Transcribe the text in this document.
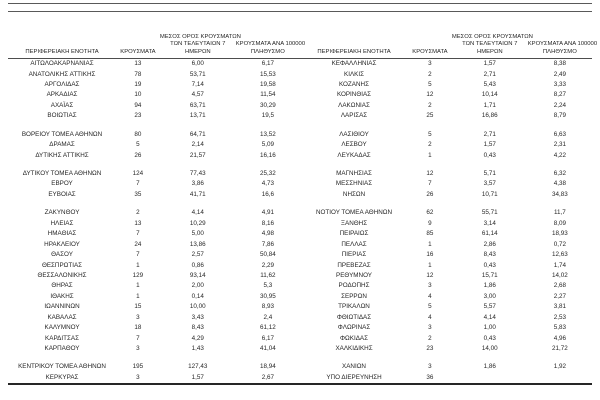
ΠΕΡΙΦΕΡΕΙΑΚΗ ΕΝΟΤΗΤΑ	ΚΡΟΥΣΜΑΤΑ
ΜΕΣΟΣ ΟΡΟΣ ΚΡΟΥΣΜΑΤΩΝ
ΤΩΝ ΤΕΛΕΥΤΑΙΩΝ 7
ΗΜΕΡΩΝ
ΚΡΟΥΣΜΑΤΑ ΑΝΑ 100000
ΠΛΗΘΥΣΜΟ
ΑΙΤΩΛΟΑΚΑΡΝΑΝΙΑΣ	13	6,00	6,17
ΑΝΑΤΟΛΙΚΗΣ ΑΤΤΙΚΗΣ	78	53,71	15,53
ΑΡΓΟΛΙΔΑΣ	19	7,14	19,58
ΑΡΚΑΔΙΑΣ	10	4,57	11,54
ΑΧΑΪΑΣ	94	63,71	30,29
ΒΟΙΩΤΙΑΣ	23	13,71	19,5
ΒΟΡΕΙΟΥ ΤΟΜΕΑ ΑΘΗΝΩΝ	80	64,71	13,52
ΔΡΑΜΑΣ	5	2,14	5,09
ΔΥΤΙΚΗΣ ΑΤΤΙΚΗΣ	26	21,57	16,16
ΔΥΤΙΚΟΥ ΤΟΜΕΑ ΑΘΗΝΩΝ	124	77,43	25,32
ΕΒΡΟΥ	7	3,86	4,73
ΕΥΒΟΙΑΣ	35	41,71	16,6
ΖΑΚΥΝΘΟΥ	2	4,14	4,91
ΗΛΕΙΑΣ	13	10,29	8,16
ΗΜΑΘΙΑΣ	7	5,00	4,98
ΗΡΑΚΛΕΙΟΥ	24	13,86	7,86
ΘΑΣΟΥ	7	2,57	50,84
ΘΕΣΠΡΩΤΙΑΣ	1	0,86	2,29
ΘΕΣΣΑΛΟΝΙΚΗΣ	129	93,14	11,62
ΘΗΡΑΣ	1	2,00	5,3
ΙΘΑΚΗΣ	1	0,14	30,95
ΙΩΑΝΝΙΝΩΝ	15	10,00	8,93
ΚΑΒΑΛΑΣ	3	3,43	2,4
ΚΑΛΥΜΝΟΥ	18	8,43	61,12
ΚΑΡΔΙΤΣΑΣ	7	4,29	6,17
ΚΑΡΠΑΘΟΥ	3	1,43	41,04
ΚΕΝΤΡΙΚΟΥ ΤΟΜΕΑ ΑΘΗΝΩΝ	195	127,43	18,94
ΚΕΡΚΥΡΑΣ	3	1,57	2,67
ΠΕΡΙΦΕΡΕΙΑΚΗ ΕΝΟΤΗΤΑ	ΚΡΟΥΣΜΑΤΑ
ΜΕΣΟΣ ΟΡΟΣ ΚΡΟΥΣΜΑΤΩΝ
ΤΩΝ ΤΕΛΕΥΤΑΙΩΝ 7
ΗΜΕΡΩΝ
ΚΡΟΥΣΜΑΤΑ ΑΝΑ 100000
ΠΛΗΘΥΣΜΟ
ΚΕΦΑΛΛΗΝΙΑΣ	3	1,57	8,38
ΚΙΛΚΙΣ	2	2,71	2,49
ΚΟΖΑΝΗΣ	5	5,43	3,33
ΚΟΡΙΝΘΙΑΣ	12	10,14	8,27
ΛΑΚΩΝΙΑΣ	2	1,71	2,24
ΛΑΡΙΣΑΣ	25	16,86	8,79
ΛΑΣΙΘΙΟΥ	5	2,71	6,63
ΛΕΣΒΟΥ	2	1,57	2,31
ΛΕΥΚΑΔΑΣ	1	0,43	4,22
ΜΑΓΝΗΣΙΑΣ	12	5,71	6,32
ΜΕΣΣΗΝΙΑΣ	7	3,57	4,38
ΝΗΣΩΝ	26	10,71	34,83
ΝΟΤΙΟΥ ΤΟΜΕΑ ΑΘΗΝΩΝ	62	55,71	11,7
ΞΑΝΘΗΣ	9	3,14	8,09
ΠΕΙΡΑΙΩΣ	85	61,14	18,93
ΠΕΛΛΑΣ	1	2,86	0,72
ΠΙΕΡΙΑΣ	16	8,43	12,63
ΠΡΕΒΕΖΑΣ	1	0,43	1,74
ΡΕΘΥΜΝΟΥ	12	15,71	14,02
ΡΟΔΟΠΗΣ	3	1,86	2,68
ΣΕΡΡΩΝ	4	3,00	2,27
ΤΡΙΚΑΛΩΝ	5	5,57	3,81
ΦΘΙΩΤΙΔΑΣ	4	4,14	2,53
ΦΛΩΡΙΝΑΣ	3	1,00	5,83
ΦΩΚΙΔΑΣ	2	0,43	4,96
ΧΑΛΚΙΔΙΚΗΣ	23	14,00	21,72
ΧΑΝΙΩΝ	3	1,86	1,92
ΥΠΟ ΔΙΕΡΕΥΝΗΣΗ	36
